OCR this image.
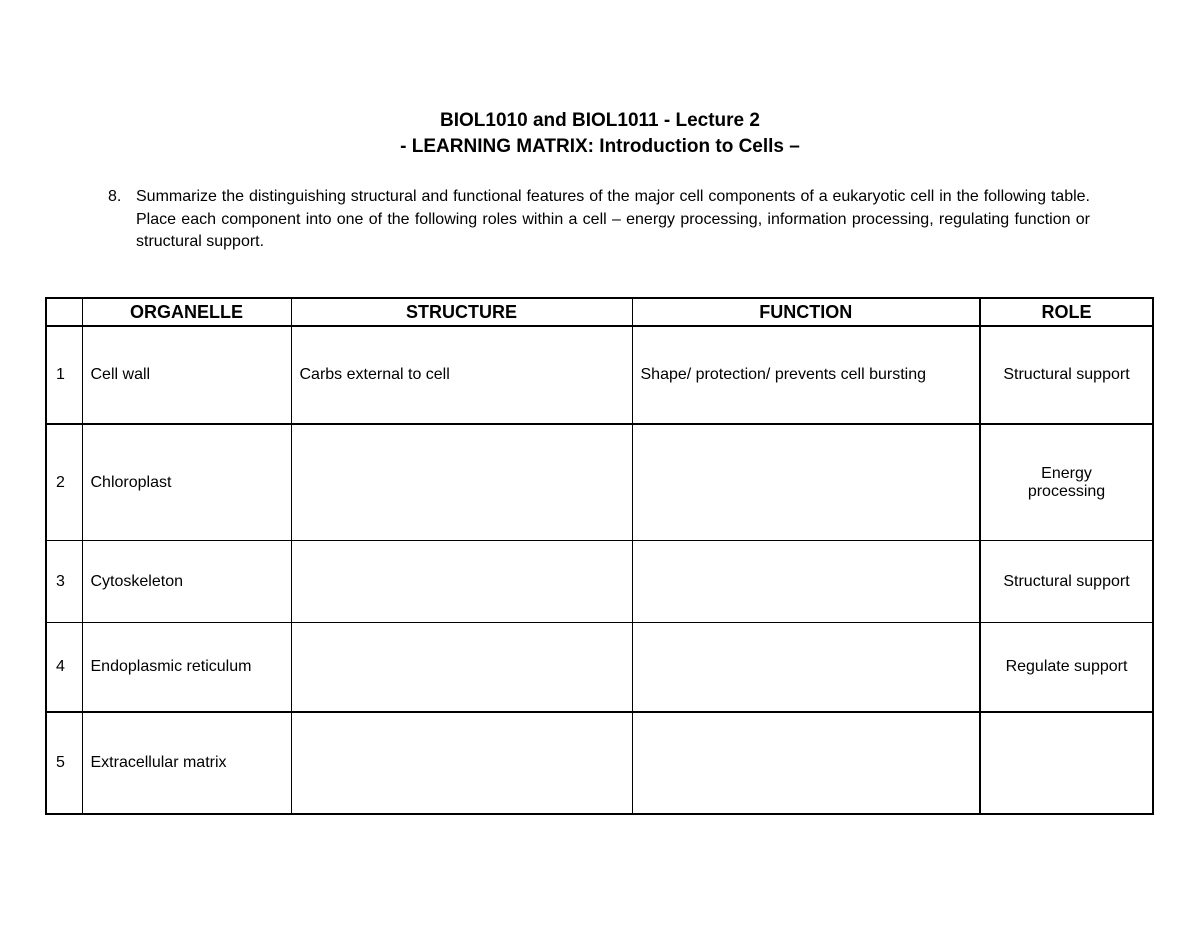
BIOL1010 and BIOL1011 - Lecture 2
- LEARNING MATRIX: Introduction to Cells –
8. Summarize the distinguishing structural and functional features of the major cell components of a eukaryotic cell in the following table. Place each component into one of the following roles within a cell – energy processing, information processing, regulating function or structural support.
	ORGANELLE	STRUCTURE	FUNCTION	ROLE
1	Cell wall	Carbs external to cell	Shape/ protection/ prevents cell bursting	Structural support
2	Chloroplast			Energy processing
3	Cytoskeleton			Structural support
4	Endoplasmic reticulum			Regulate support
5	Extracellular matrix			
